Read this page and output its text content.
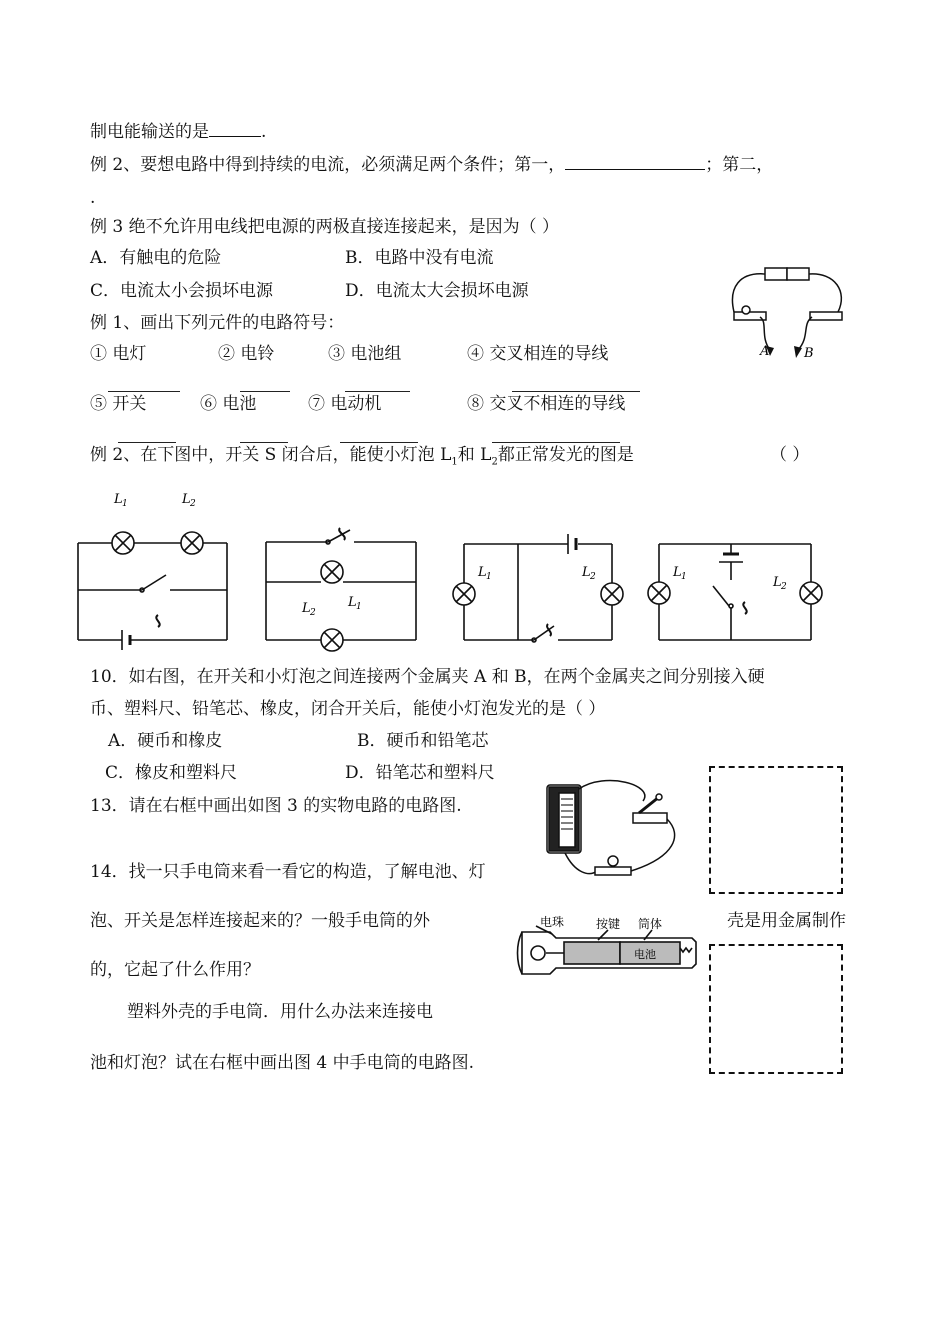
制电能输送的是	.
例 2、要想电路中得到持续的电流，必须满足两个条件；第一，	；第二，
.
例 3 绝不允许用电线把电源的两极直接连接起来，是因为（ ）
A．有触电的危险	B．电路中没有电流
C．电流太小会损坏电源	D．电流太大会损坏电源
A	B
例 1、画出下列元件的电路符号：
① 电灯	② 电铃	③ 电池组	④ 交叉相连的导线
⑤ 开关	⑥ 电池	⑦ 电动机	⑧ 交叉不相连的导线
例 2、在下图中，开关 S 闭合后，能使小灯泡 $L_1$和 $L_2$都正常发光的图是	（ ）
L 1	L 2
L 2
L 1
L 1	L 2	L 1	L 2
10．如右图，在开关和小灯泡之间连接两个金属夹 A 和 B，在两个金属夹之间分别接入硬
币、塑料尺、铅笔芯、橡皮，闭合开关后，能使小灯泡发光的是（ ）
A．硬币和橡皮	B．硬币和铅笔芯
C．橡皮和塑料尺	D．铅笔芯和塑料尺
13．请在右框中画出如图 3 的实物电路的电路图.
14．找一只手电筒来看一看它的构造，了解电池、灯
泡、开关是怎样连接起来的？一般手电筒的外	壳是用金属制作
的，它起了什么作用？
塑料外壳的手电筒．用什么办法来连接电
池和灯泡？试在右框中画出图 4 中手电筒的电路图.
电珠	按键 筒体
电池
